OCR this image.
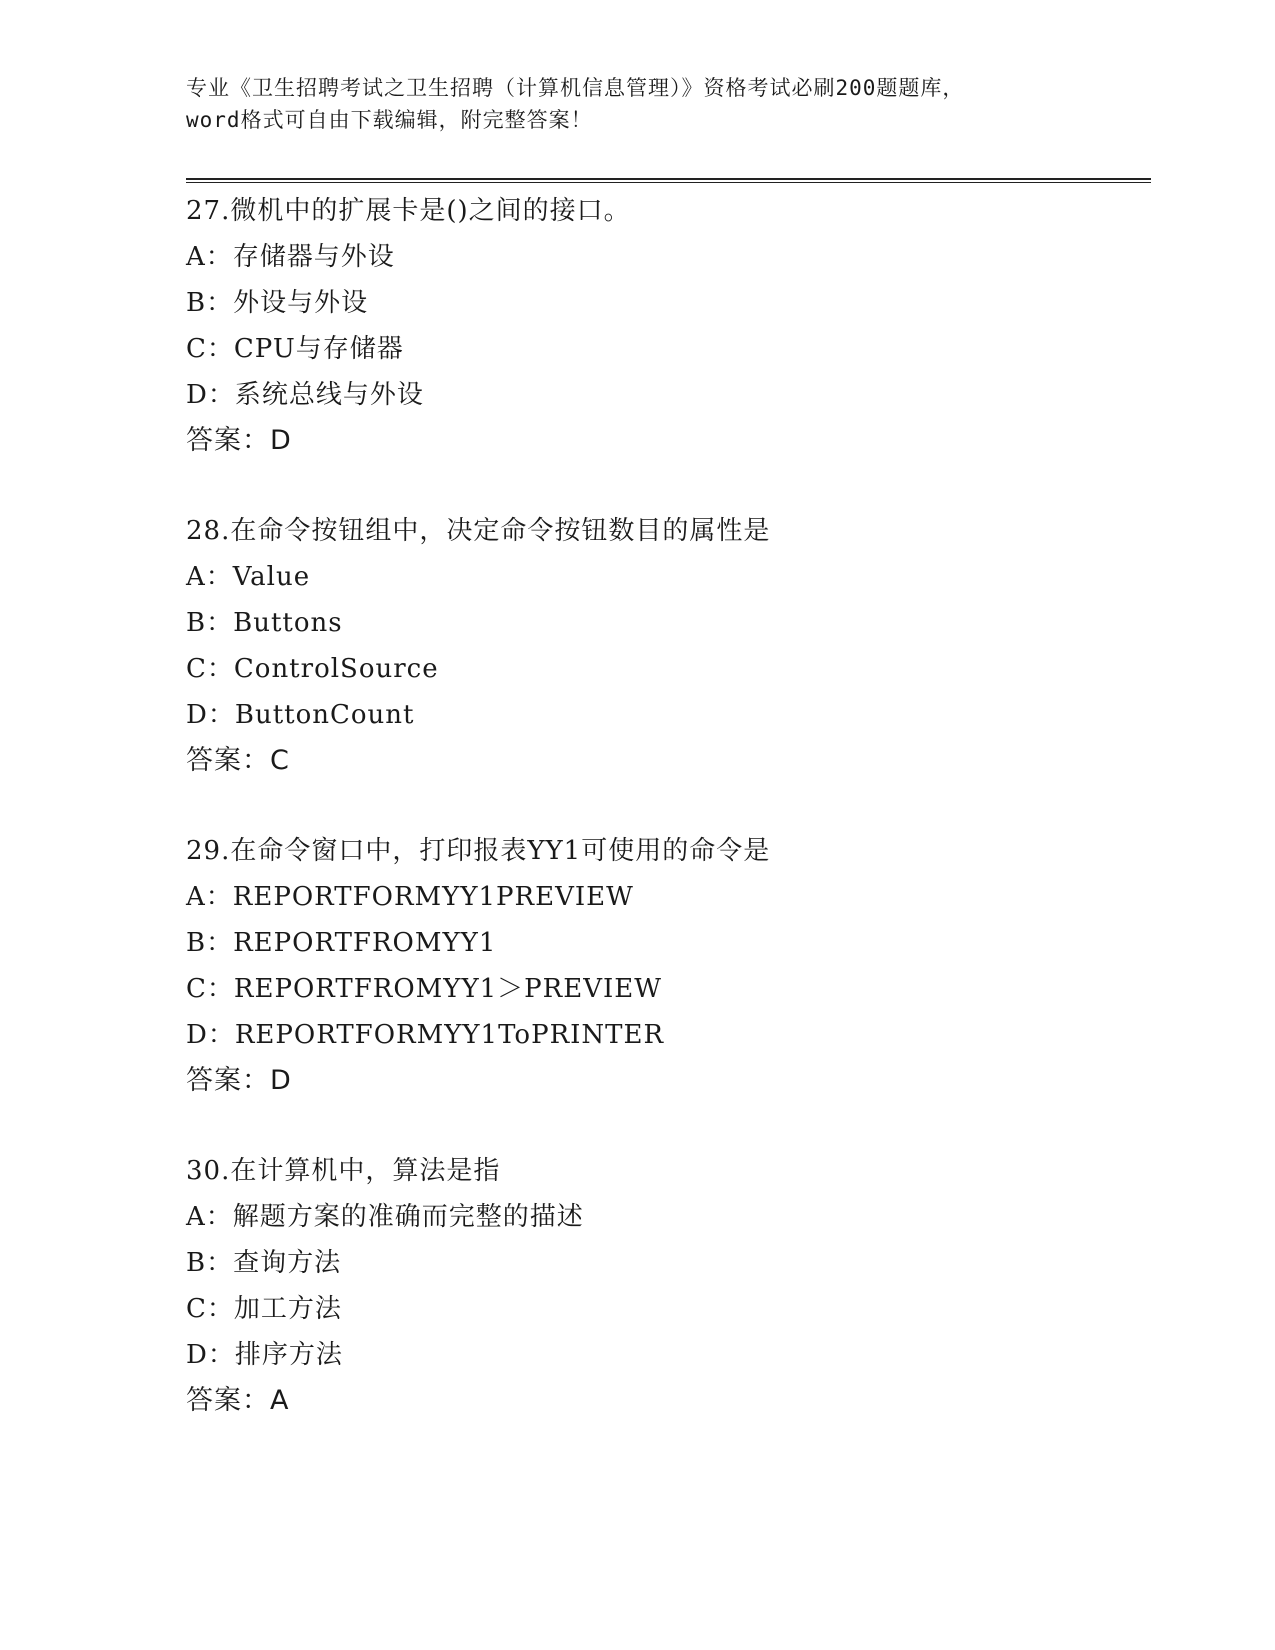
专业《卫生招聘考试之卫生招聘（计算机信息管理）》资格考试必刷200题题库，

word格式可自由下载编辑，附完整答案！

27.微机中的扩展卡是()之间的接口。
A：存储器与外设
B：外设与外设
C：CPU与存储器
D：系统总线与外设
答案：D
28.在命令按钮组中，决定命令按钮数目的属性是
A：Value
B：Buttons
C：ControlSource
D：ButtonCount
答案：C
29.在命令窗口中，打印报表YY1可使用的命令是
A：REPORTFORMYY1PREVIEW
B：REPORTFROMYY1
C：REPORTFROMYY1＞PREVIEW
D：REPORTFORMYY1ToPRINTER
答案：D
30.在计算机中，算法是指
A：解题方案的准确而完整的描述
B：查询方法
C：加工方法
D：排序方法
答案：A
